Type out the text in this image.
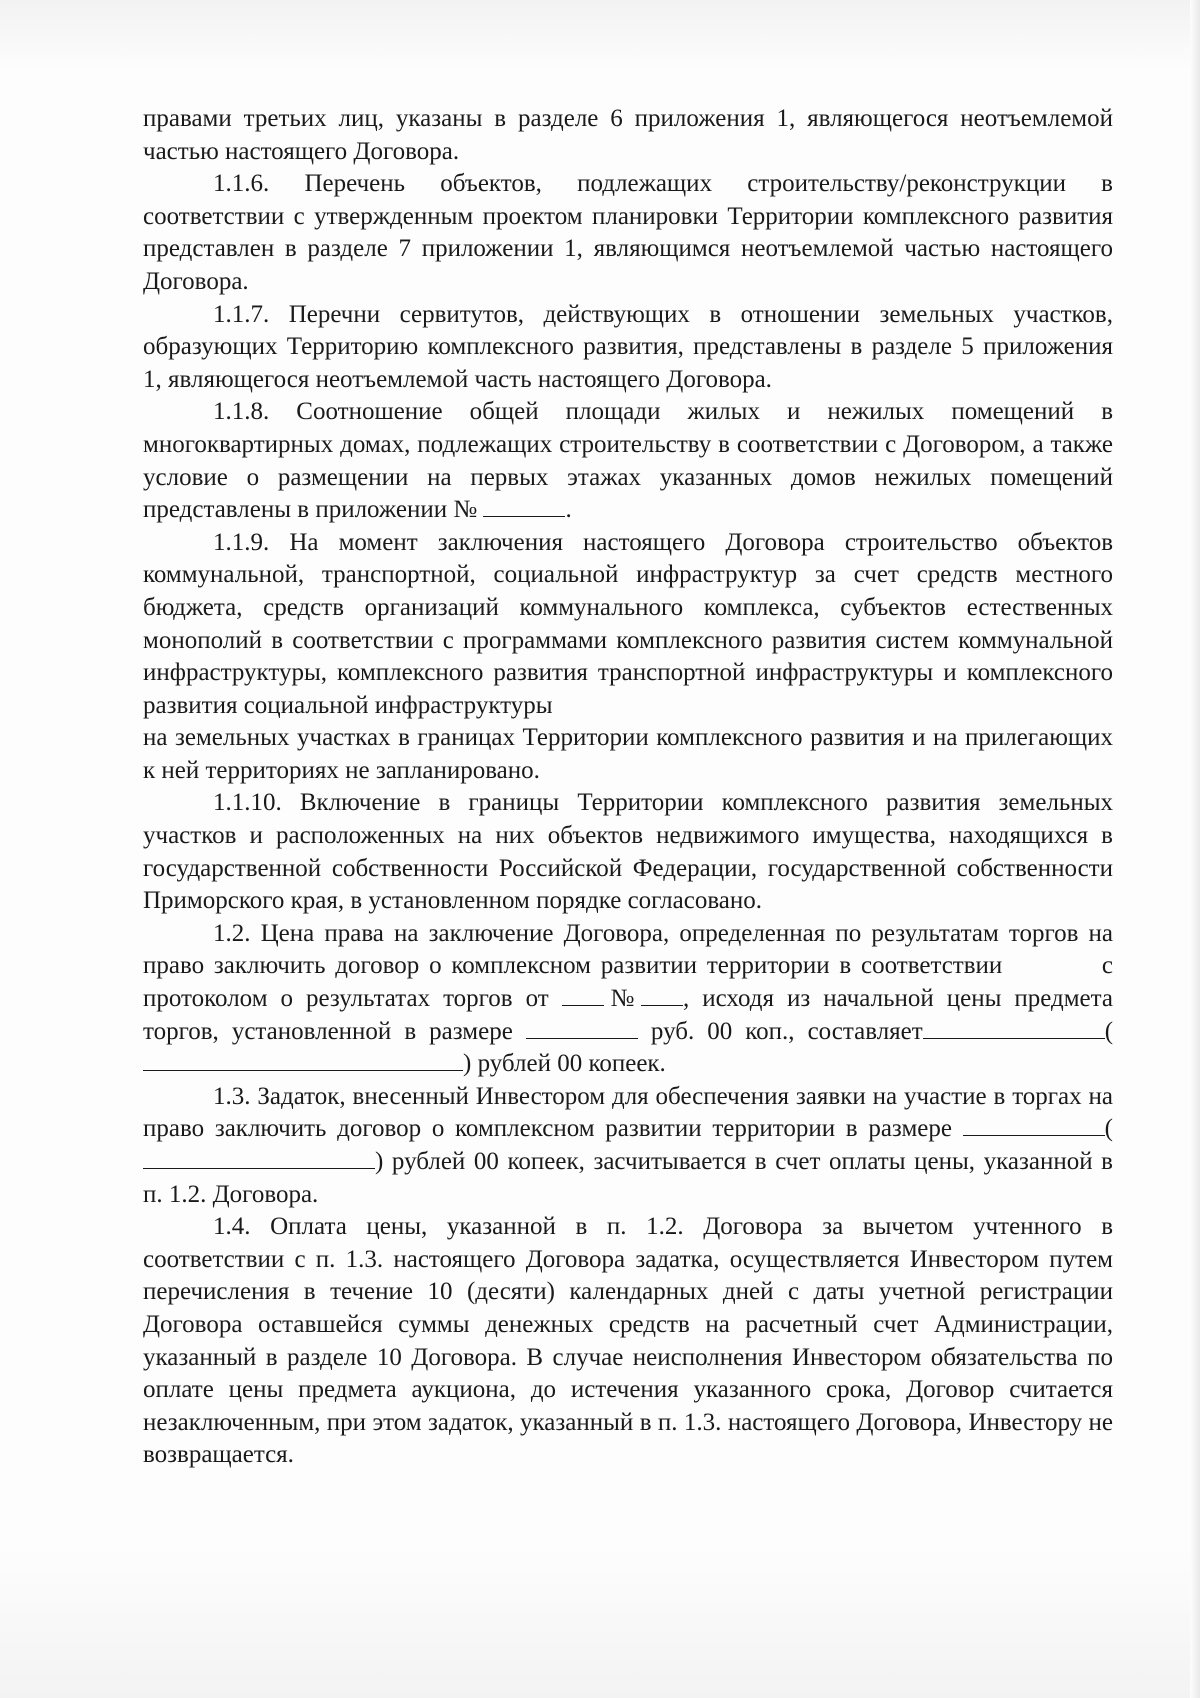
правами третьих лиц, указаны в разделе 6 приложения 1, являющегося неотъемлемой частью настоящего Договора.

1.1.6. Перечень объектов, подлежащих строительству/реконструкции в соответствии с утвержденным проектом планировки Территории комплексного развития представлен в разделе 7 приложении 1, являющимся неотъемлемой частью настоящего Договора.

1.1.7. Перечни сервитутов, действующих в отношении земельных участков, образующих Территорию комплексного развития, представлены в разделе 5 приложения 1, являющегося неотъемлемой часть настоящего Договора.

1.1.8. Соотношение общей площади жилых и нежилых помещений в многоквартирных домах, подлежащих строительству в соответствии с Договором, а также условие о размещении на первых этажах указанных домов нежилых помещений представлены в приложении №	.

1.1.9. На момент заключения настоящего Договора строительство объектов коммунальной, транспортной, социальной инфраструктур за счет средств местного бюджета, средств организаций коммунального комплекса, субъектов естественных монополий в соответствии с программами комплексного развития систем коммунальной инфраструктуры, комплексного развития транспортной инфраструктуры и комплексного развития социальной инфраструктуры

на земельных участках в границах Территории комплексного развития и на прилегающих к ней территориях не запланировано.

1.1.10. Включение в границы Территории комплексного развития земельных участков и расположенных на них объектов недвижимого имущества, находящихся в государственной собственности Российской Федерации, государственной собственности Приморского края, в установленном порядке согласовано.

1.2. Цена права на заключение Договора, определенная по результатам торгов на право заключить договор о комплексном развитии территории в соответствии	с протоколом о результатах торгов от № , исходя из начальной цены предмета торгов, установленной в размере	руб. 00 коп., составляет	() рублей 00 копеек.

1.3. Задаток, внесенный Инвестором для обеспечения заявки на участие в торгах на право заключить договор о комплексном развитии территории в размере	() рублей 00 копеек, засчитывается в счет оплаты цены, указанной в п. 1.2. Договора.

1.4. Оплата цены, указанной в п. 1.2. Договора за вычетом учтенного в соответствии с п. 1.3. настоящего Договора задатка, осуществляется Инвестором путем перечисления в течение 10 (десяти) календарных дней с даты учетной регистрации Договора оставшейся суммы денежных средств на расчетный счет Администрации, указанный в разделе 10 Договора. В случае неисполнения Инвестором обязательства по оплате цены предмета аукциона, до истечения указанного срока, Договор считается незаключенным, при этом задаток, указанный в п. 1.3. настоящего Договора, Инвестору не возвращается.
